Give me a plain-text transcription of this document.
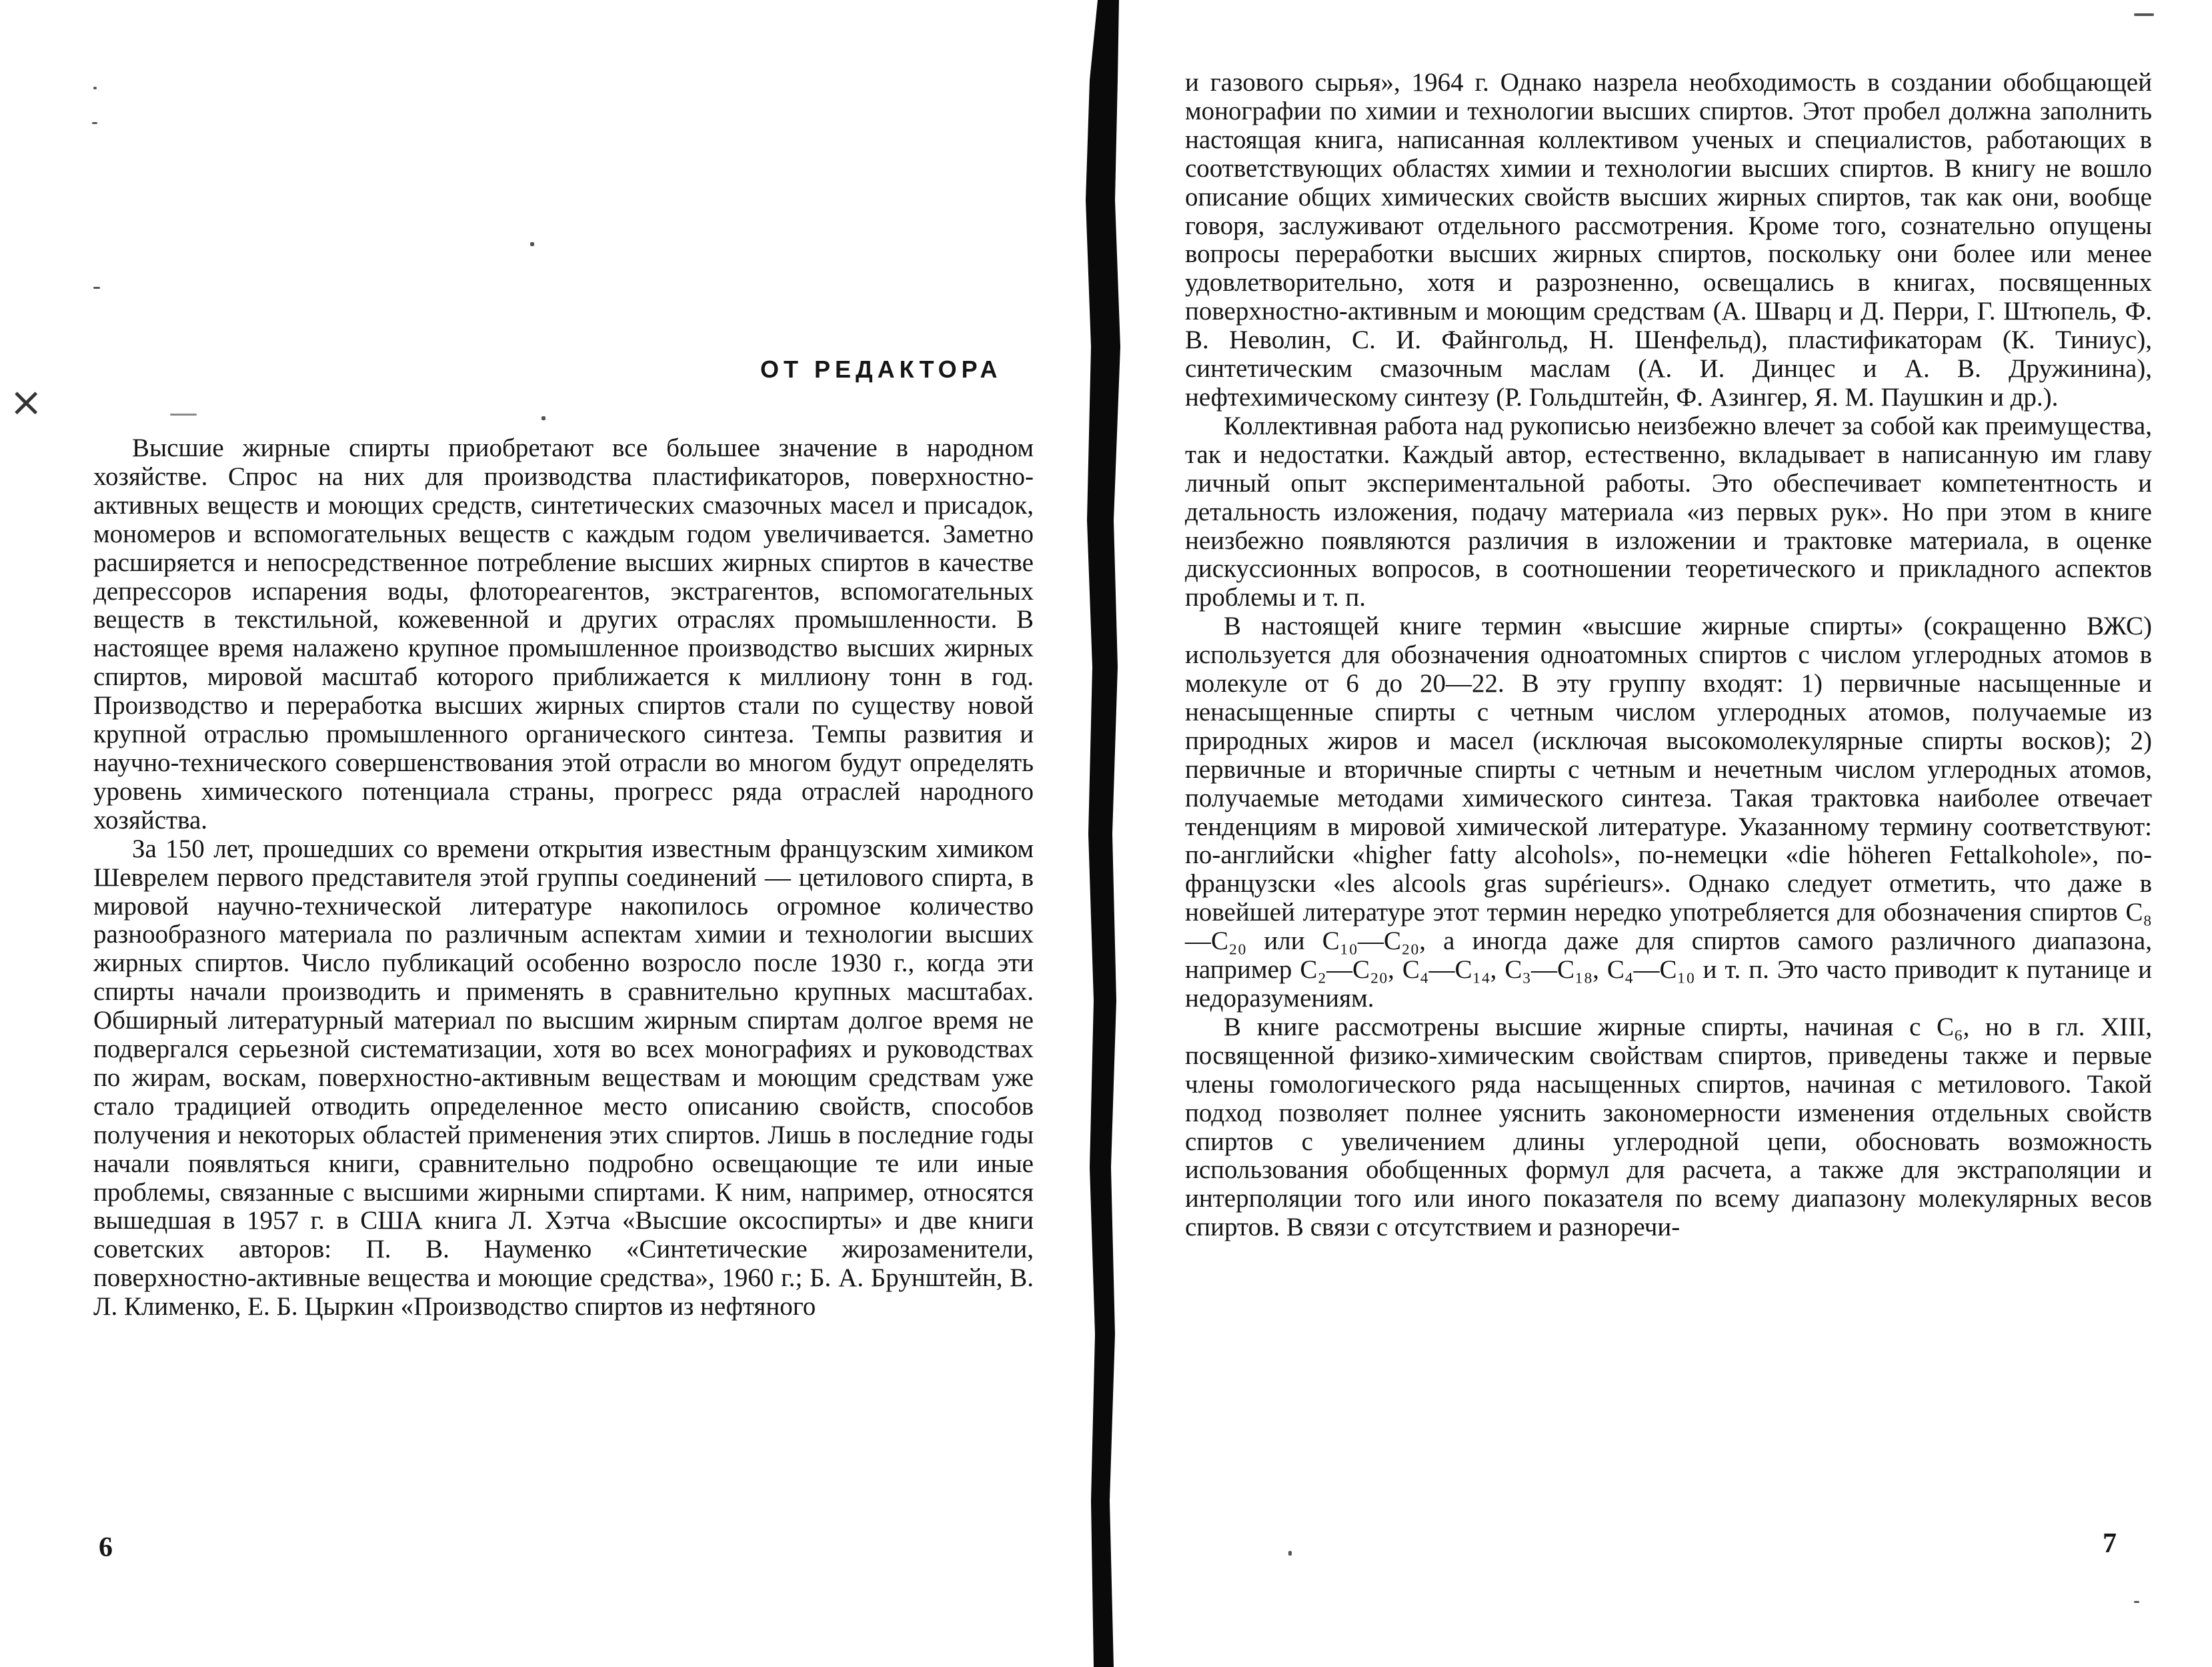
×
ОТ РЕДАКТОРА

Высшие жирные спирты приобретают все большее значение в народном хозяйстве. Спрос на них для производства пластификаторов, поверхностно-активных веществ и моющих средств, синтетических смазочных масел и присадок, мономеров и вспомогательных веществ с каждым годом увеличивается. Заметно расширяется и непосредственное потребление высших жирных спиртов в качестве депрессоров испарения воды, флотореагентов, экстрагентов, вспомогательных веществ в текстильной, кожевенной и других отраслях промышленности. В настоящее время налажено крупное промышленное производство высших жирных спиртов, мировой масштаб которого приближается к миллиону тонн в год. Производство и переработка высших жирных спиртов стали по существу новой крупной отраслью промышленного органического синтеза. Темпы развития и научно-технического совершенствования этой отрасли во многом будут определять уровень химического потенциала страны, прогресс ряда отраслей народного хозяйства.

За 150 лет, прошедших со времени открытия известным французским химиком Шеврелем первого представителя этой группы соединений — цетилового спирта, в мировой научно-технической литературе накопилось огромное количество разнообразного материала по различным аспектам химии и технологии высших жирных спиртов. Число публикаций особенно возросло после 1930 г., когда эти спирты начали производить и применять в сравнительно крупных масштабах. Обширный литературный материал по высшим жирным спиртам долгое время не подвергался серьезной систематизации, хотя во всех монографиях и руководствах по жирам, воскам, поверхностно-активным веществам и моющим средствам уже стало традицией отводить определенное место описанию свойств, способов получения и некоторых областей применения этих спиртов. Лишь в последние годы начали появляться книги, сравнительно подробно освещающие те или иные проблемы, связанные с высшими жирными спиртами. К ним, например, относятся вышедшая в 1957 г. в США книга Л. Хэтча «Высшие оксоспирты» и две книги советских авторов: П. В. Науменко «Синтетические жирозаменители, поверхностно-активные вещества и моющие средства», 1960 г.; Б. А. Брунштейн, В. Л. Клименко, Е. Б. Цыркин «Производство спиртов из нефтяного

6

и газового сырья», 1964 г. Однако назрела необходимость в создании обобщающей монографии по химии и технологии высших спиртов. Этот пробел должна заполнить настоящая книга, написанная коллективом ученых и специалистов, работающих в соответствующих областях химии и технологии высших спиртов. В книгу не вошло описание общих химических свойств высших жирных спиртов, так как они, вообще говоря, заслуживают отдельного рассмотрения. Кроме того, сознательно опущены вопросы переработки высших жирных спиртов, поскольку они более или менее удовлетворительно, хотя и разрозненно, освещались в книгах, посвященных поверхностно-активным и моющим средствам (А. Шварц и Д. Перри, Г. Штюпель, Ф. В. Неволин, С. И. Файнгольд, Н. Шенфельд), пластификаторам (К. Тиниус), синтетическим смазочным маслам (А. И. Динцес и А. В. Дружинина), нефтехимическому синтезу (Р. Гольдштейн, Ф. Азингер, Я. М. Паушкин и др.).

Коллективная работа над рукописью неизбежно влечет за собой как преимущества, так и недостатки. Каждый автор, естественно, вкладывает в написанную им главу личный опыт экспериментальной работы. Это обеспечивает компетентность и детальность изложения, подачу материала «из первых рук». Но при этом в книге неизбежно появляются различия в изложении и трактовке материала, в оценке дискуссионных вопросов, в соотношении теоретического и прикладного аспектов проблемы и т. п.

В настоящей книге термин «высшие жирные спирты» (сокращенно ВЖС) используется для обозначения одноатомных спиртов с числом углеродных атомов в молекуле от 6 до 20—22. В эту группу входят: 1) первичные насыщенные и ненасыщенные спирты с четным числом углеродных атомов, получаемые из природных жиров и масел (исключая высокомолекулярные спирты восков); 2) первичные и вторичные спирты с четным и нечетным числом углеродных атомов, получаемые методами химического синтеза. Такая трактовка наиболее отвечает тенденциям в мировой химической литературе. Указанному термину соответствуют: по-английски «higher fatty alcohols», по-немецки «die höheren Fettalkohole», по-французски «les alcools gras supérieurs». Однако следует отметить, что даже в новейшей литературе этот термин нередко употребляется для обозначения спиртов C₈—C₂₀ или C₁₀—C₂₀, а иногда даже для спиртов самого различного диапазона, например C₂—C₂₀, C₄—C₁₄, C₃—C₁₈, C₄—C₁₀ и т. п. Это часто приводит к путанице и недоразумениям.

В книге рассмотрены высшие жирные спирты, начиная с C₆, но в гл. XIII, посвященной физико-химическим свойствам спиртов, приведены также и первые члены гомологического ряда насыщенных спиртов, начиная с метилового. Такой подход позволяет полнее уяснить закономерности изменения отдельных свойств спиртов с увеличением длины углеродной цепи, обосновать возможность использования обобщенных формул для расчета, а также для экстраполяции и интерполяции того или иного показателя по всему диапазону молекулярных весов спиртов. В связи с отсутствием и разноречи-

7
